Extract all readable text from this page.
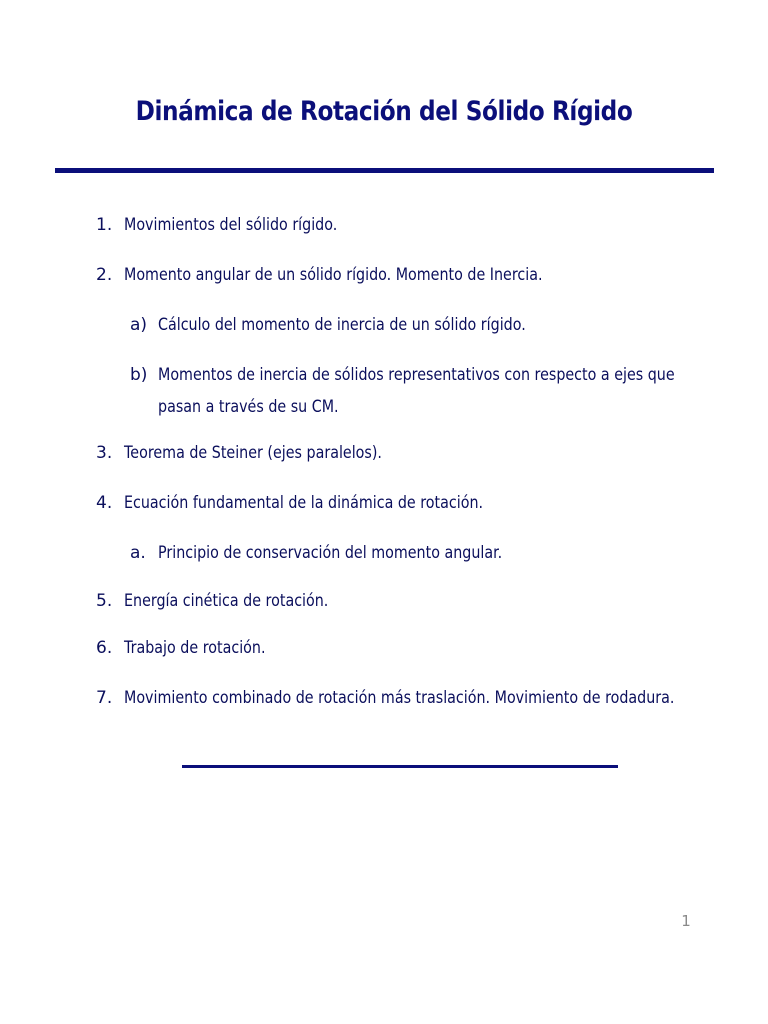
Dinámica de Rotación del Sólido Rígido
1. Movimientos del sólido rígido.
2. Momento angular de un sólido rígido. Momento de Inercia.
a) Cálculo del momento de inercia de un sólido rígido.
b) Momentos de inercia de sólidos representativos con respecto a ejes que
pasan a través de su CM.
3. Teorema de Steiner (ejes paralelos).
4. Ecuación fundamental de la dinámica de rotación.
a. Principio de conservación del momento angular.
5. Energía cinética de rotación.
6. Trabajo de rotación.
7. Movimiento combinado de rotación más traslación. Movimiento de rodadura.
1
